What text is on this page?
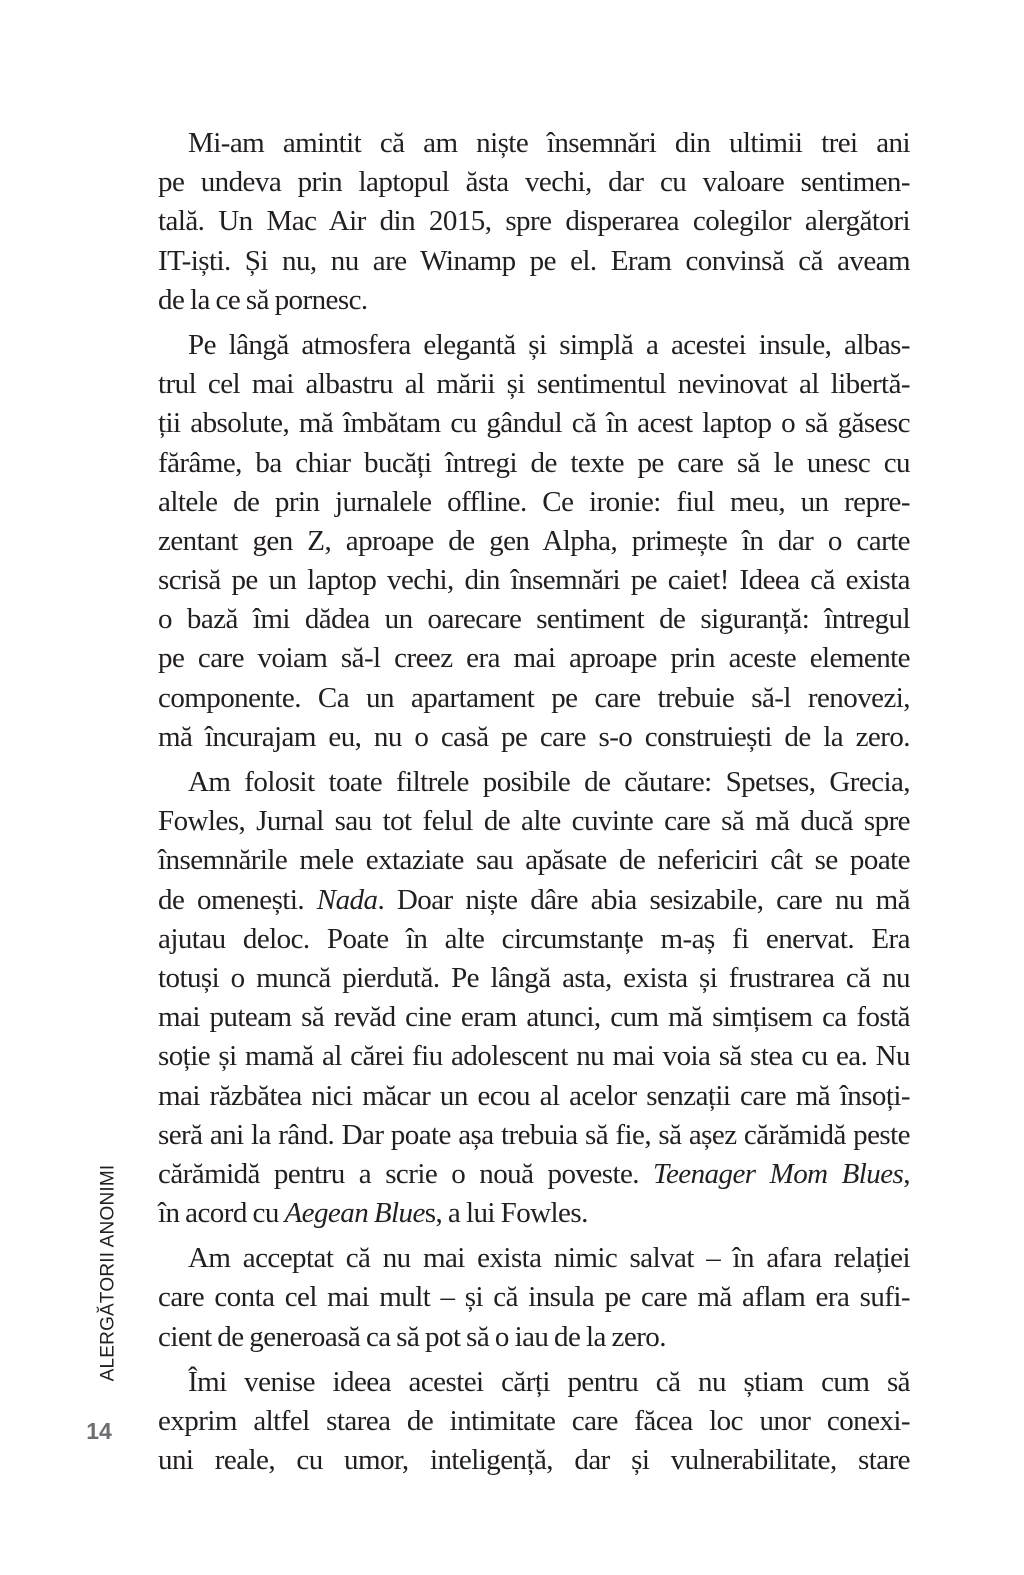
Mi-am amintit că am niște însemnări din ultimii trei ani
pe undeva prin laptopul ăsta vechi, dar cu valoare sentimen-
tală. Un Mac Air din 2015, spre disperarea colegilor alergători
IT-iști. Și nu, nu are Winamp pe el. Eram convinsă că aveam
de la ce să pornesc.
Pe lângă atmosfera elegantă și simplă a acestei insule, albas-
trul cel mai albastru al mării și sentimentul nevinovat al libertă-
ții absolute, mă îmbătam cu gândul că în acest laptop o să găsesc
fărâme, ba chiar bucăți întregi de texte pe care să le unesc cu
altele de prin jurnalele offline. Ce ironie: fiul meu, un repre-
zentant gen Z, aproape de gen Alpha, primește în dar o carte
scrisă pe un laptop vechi, din însemnări pe caiet! Ideea că exista
o bază îmi dădea un oarecare sentiment de siguranță: întregul
pe care voiam să-l creez era mai aproape prin aceste elemente
componente. Ca un apartament pe care trebuie să-l renovezi,
mă încurajam eu, nu o casă pe care s-o construiești de la zero.
Am folosit toate filtrele posibile de căutare: Spetses, Grecia,
Fowles, Jurnal sau tot felul de alte cuvinte care să mă ducă spre
însemnările mele extaziate sau apăsate de nefericiri cât se poate
de omenești. Nada. Doar niște dâre abia sesizabile, care nu mă
ajutau deloc. Poate în alte circumstanțe m-aș fi enervat. Era
totuși o muncă pierdută. Pe lângă asta, exista și frustrarea că nu
mai puteam să revăd cine eram atunci, cum mă simțisem ca fostă
soție și mamă al cărei fiu adolescent nu mai voia să stea cu ea. Nu
mai răzbătea nici măcar un ecou al acelor senzații care mă însoți-
seră ani la rând. Dar poate așa trebuia să fie, să așez cărămidă peste
cărămidă pentru a scrie o nouă poveste. Teenager Mom Blues,
în acord cu Aegean Blues, a lui Fowles.
Am acceptat că nu mai exista nimic salvat – în afara relației
care conta cel mai mult – și că insula pe care mă aflam era sufi-
cient de generoasă ca să pot să o iau de la zero.
Îmi venise ideea acestei cărți pentru că nu știam cum să
exprim altfel starea de intimitate care făcea loc unor conexi-
uni reale, cu umor, inteligență, dar și vulnerabilitate, stare
ALERGĂTORII ANONIMI
14
